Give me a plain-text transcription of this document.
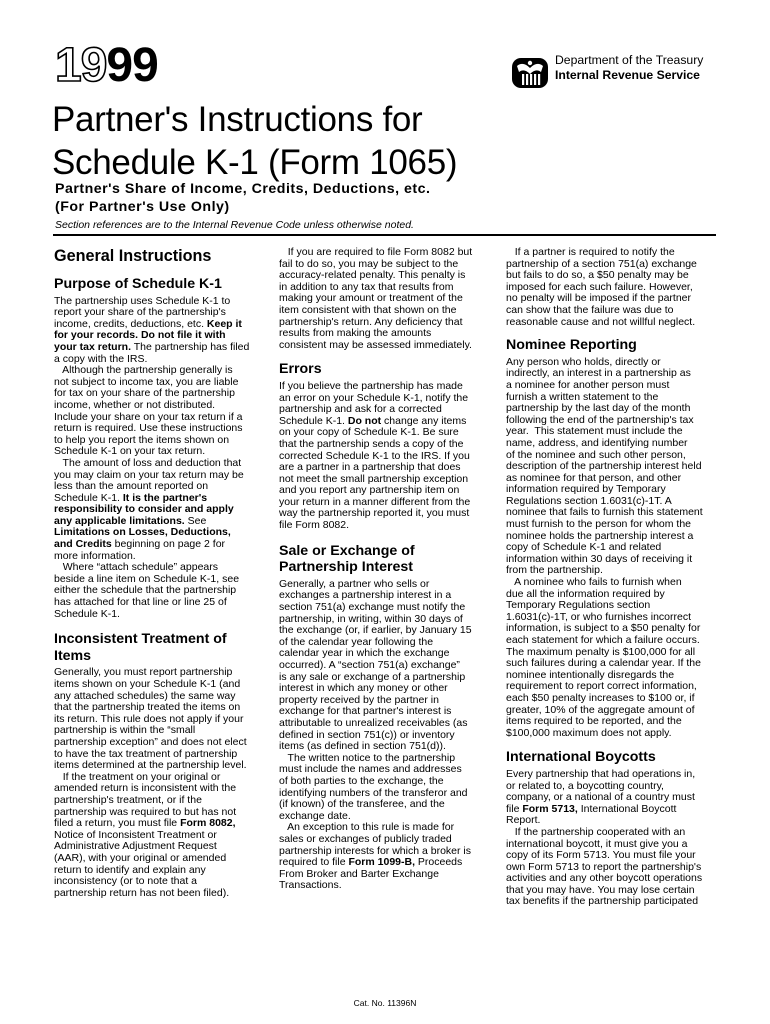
1999	Department of the Treasury
Internal Revenue Service
Partner's Instructions for
Schedule K-1 (Form 1065)
Partner's Share of Income, Credits, Deductions, etc.
(For Partner's Use Only)
Section references are to the Internal Revenue Code unless otherwise noted.
General Instructions
Purpose of Schedule K-1
The partnership uses Schedule K-1 to
report your share of the partnership's
income, credits, deductions, etc. Keep it
for your records. Do not file it with
your tax return. The partnership has filed
a copy with the IRS.
Although the partnership generally is
not subject to income tax, you are liable
for tax on your share of the partnership
income, whether or not distributed.
Include your share on your tax return if a
return is required. Use these instructions
to help you report the items shown on
Schedule K-1 on your tax return.
The amount of loss and deduction that
you may claim on your tax return may be
less than the amount reported on
Schedule K-1. It is the partner's
responsibility to consider and apply
any applicable limitations. See
Limitations on Losses, Deductions,
and Credits beginning on page 2 for
more information.
Where “attach schedule” appears
beside a line item on Schedule K-1, see
either the schedule that the partnership
has attached for that line or line 25 of
Schedule K-1.
Inconsistent Treatment of
Items
Generally, you must report partnership
items shown on your Schedule K-1 (and
any attached schedules) the same way
that the partnership treated the items on
its return. This rule does not apply if your
partnership is within the “small
partnership exception” and does not elect
to have the tax treatment of partnership
items determined at the partnership level.
If the treatment on your original or
amended return is inconsistent with the
partnership's treatment, or if the
partnership was required to but has not
filed a return, you must file Form 8082,
Notice of Inconsistent Treatment or
Administrative Adjustment Request
(AAR), with your original or amended
return to identify and explain any
inconsistency (or to note that a
partnership return has not been filed).
If you are required to file Form 8082 but
fail to do so, you may be subject to the
accuracy-related penalty. This penalty is
in addition to any tax that results from
making your amount or treatment of the
item consistent with that shown on the
partnership's return. Any deficiency that
results from making the amounts
consistent may be assessed immediately.
Errors
If you believe the partnership has made
an error on your Schedule K-1, notify the
partnership and ask for a corrected
Schedule K-1. Do not change any items
on your copy of Schedule K-1. Be sure
that the partnership sends a copy of the
corrected Schedule K-1 to the IRS. If you
are a partner in a partnership that does
not meet the small partnership exception
and you report any partnership item on
your return in a manner different from the
way the partnership reported it, you must
file Form 8082.
Sale or Exchange of
Partnership Interest
Generally, a partner who sells or
exchanges a partnership interest in a
section 751(a) exchange must notify the
partnership, in writing, within 30 days of
the exchange (or, if earlier, by January 15
of the calendar year following the
calendar year in which the exchange
occurred). A “section 751(a) exchange”
is any sale or exchange of a partnership
interest in which any money or other
property received by the partner in
exchange for that partner's interest is
attributable to unrealized receivables (as
defined in section 751(c)) or inventory
items (as defined in section 751(d)).
The written notice to the partnership
must include the names and addresses
of both parties to the exchange, the
identifying numbers of the transferor and
(if known) of the transferee, and the
exchange date.
An exception to this rule is made for
sales or exchanges of publicly traded
partnership interests for which a broker is
required to file Form 1099-B, Proceeds
From Broker and Barter Exchange
Transactions.
If a partner is required to notify the
partnership of a section 751(a) exchange
but fails to do so, a $50 penalty may be
imposed for each such failure. However,
no penalty will be imposed if the partner
can show that the failure was due to
reasonable cause and not willful neglect.
Nominee Reporting
Any person who holds, directly or
indirectly, an interest in a partnership as
a nominee for another person must
furnish a written statement to the
partnership by the last day of the month
following the end of the partnership's tax
year.  This statement must include the
name, address, and identifying number
of the nominee and such other person,
description of the partnership interest held
as nominee for that person, and other
information required by Temporary
Regulations section 1.6031(c)-1T. A
nominee that fails to furnish this statement
must furnish to the person for whom the
nominee holds the partnership interest a
copy of Schedule K-1 and related
information within 30 days of receiving it
from the partnership.
A nominee who fails to furnish when
due all the information required by
Temporary Regulations section
1.6031(c)-1T, or who furnishes incorrect
information, is subject to a $50 penalty for
each statement for which a failure occurs.
The maximum penalty is $100,000 for all
such failures during a calendar year. If the
nominee intentionally disregards the
requirement to report correct information,
each $50 penalty increases to $100 or, if
greater, 10% of the aggregate amount of
items required to be reported, and the
$100,000 maximum does not apply.
International Boycotts
Every partnership that had operations in,
or related to, a boycotting country,
company, or a national of a country must
file Form 5713, International Boycott
Report.
If the partnership cooperated with an
international boycott, it must give you a
copy of its Form 5713. You must file your
own Form 5713 to report the partnership's
activities and any other boycott operations
that you may have. You may lose certain
tax benefits if the partnership participated
Cat. No. 11396N
